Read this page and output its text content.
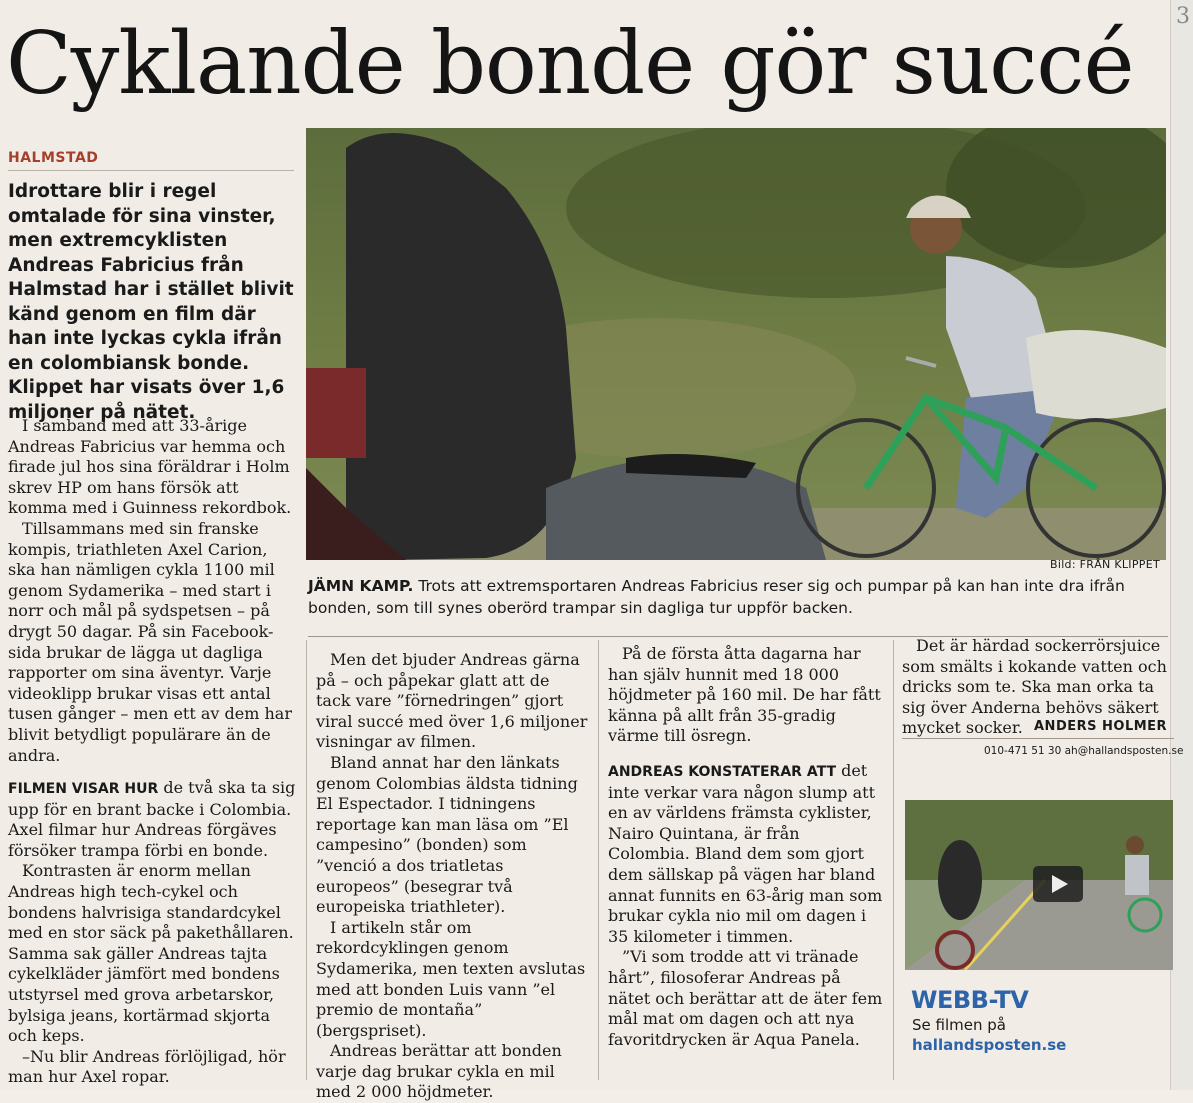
3
Cyklande bonde gör succé
HALMSTAD

Idrottare blir i regel omtalade för sina vinster, men extremcyklisten Andreas Fabricius från Halmstad har i stället blivit känd genom en film där han inte lyckas cykla ifrån en colombiansk bonde. Klippet har visats över 1,6 miljoner på nätet.

Bild: FRÅN KLIPPET

JÄMN KAMP. Trots att extremsportaren Andreas Fabricius reser sig och pumpar på kan han inte dra ifrån bonden, som till synes oberörd trampar sin dagliga tur uppför backen.

I samband med att 33-årige Andreas Fabricius var hemma och firade jul hos sina föräldrar i Holm skrev HP om hans försök att komma med i Guinness rekordbok.

Tillsammans med sin franske kompis, triathleten Axel Carion, ska han nämligen cykla 1100 mil genom Sydamerika – med start i norr och mål på sydspetsen – på drygt 50 dagar. På sin Facebook-sida brukar de lägga ut dagliga rapporter om sina äventyr. Varje videoklipp brukar visas ett antal tusen gånger – men ett av dem har blivit betydligt populärare än de andra.

FILMEN VISAR HUR de två ska ta sig upp för en brant backe i Colombia. Axel filmar hur Andreas förgäves försöker trampa förbi en bonde.

Kontrasten är enorm mellan Andreas high tech-cykel och bondens halvrisiga standardcykel med en stor säck på pakethållaren. Samma sak gäller Andreas tajta cykelkläder jämfört med bondens utstyrsel med grova arbetarskor, bylsiga jeans, kortärmad skjorta och keps.

–Nu blir Andreas förlöjligad, hör man hur Axel ropar.

Men det bjuder Andreas gärna på – och påpekar glatt att de tack vare ”förnedringen” gjort viral succé med över 1,6 miljoner visningar av filmen.

Bland annat har den länkats genom Colombias äldsta tidning El Espectador. I tidningens reportage kan man läsa om ”El campesino” (bonden) som ”venció a dos triatletas europeos” (besegrar två europeiska triathleter).

I artikeln står om rekordcyklingen genom Sydamerika, men texten avslutas med att bonden Luis vann ”el premio de montaña” (bergspriset).

Andreas berättar att bonden varje dag brukar cykla en mil med 2 000 höjdmeter.

På de första åtta dagarna har han själv hunnit med 18 000 höjdmeter på 160 mil. De har fått känna på allt från 35-gradig värme till ösregn.

ANDREAS KONSTATERAR ATT det inte verkar vara någon slump att en av världens främsta cyklister, Nairo Quintana, är från Colombia. Bland dem som gjort dem sällskap på vägen har bland annat funnits en 63-årig man som brukar cykla nio mil om dagen i 35 kilometer i timmen.

”Vi som trodde att vi tränade hårt”, filosoferar Andreas på nätet och berättar att de äter fem mål mat om dagen och att nya favoritdrycken är Aqua Panela.

Det är härdad sockerrörsjuice som smälts i kokande vatten och dricks som te. Ska man orka ta sig över Anderna behövs säkert mycket socker. ANDERS HOLMER
010-471 51 30 ah@hallandsposten.se
WEBB-TV
Se filmen på
hallandsposten.se
